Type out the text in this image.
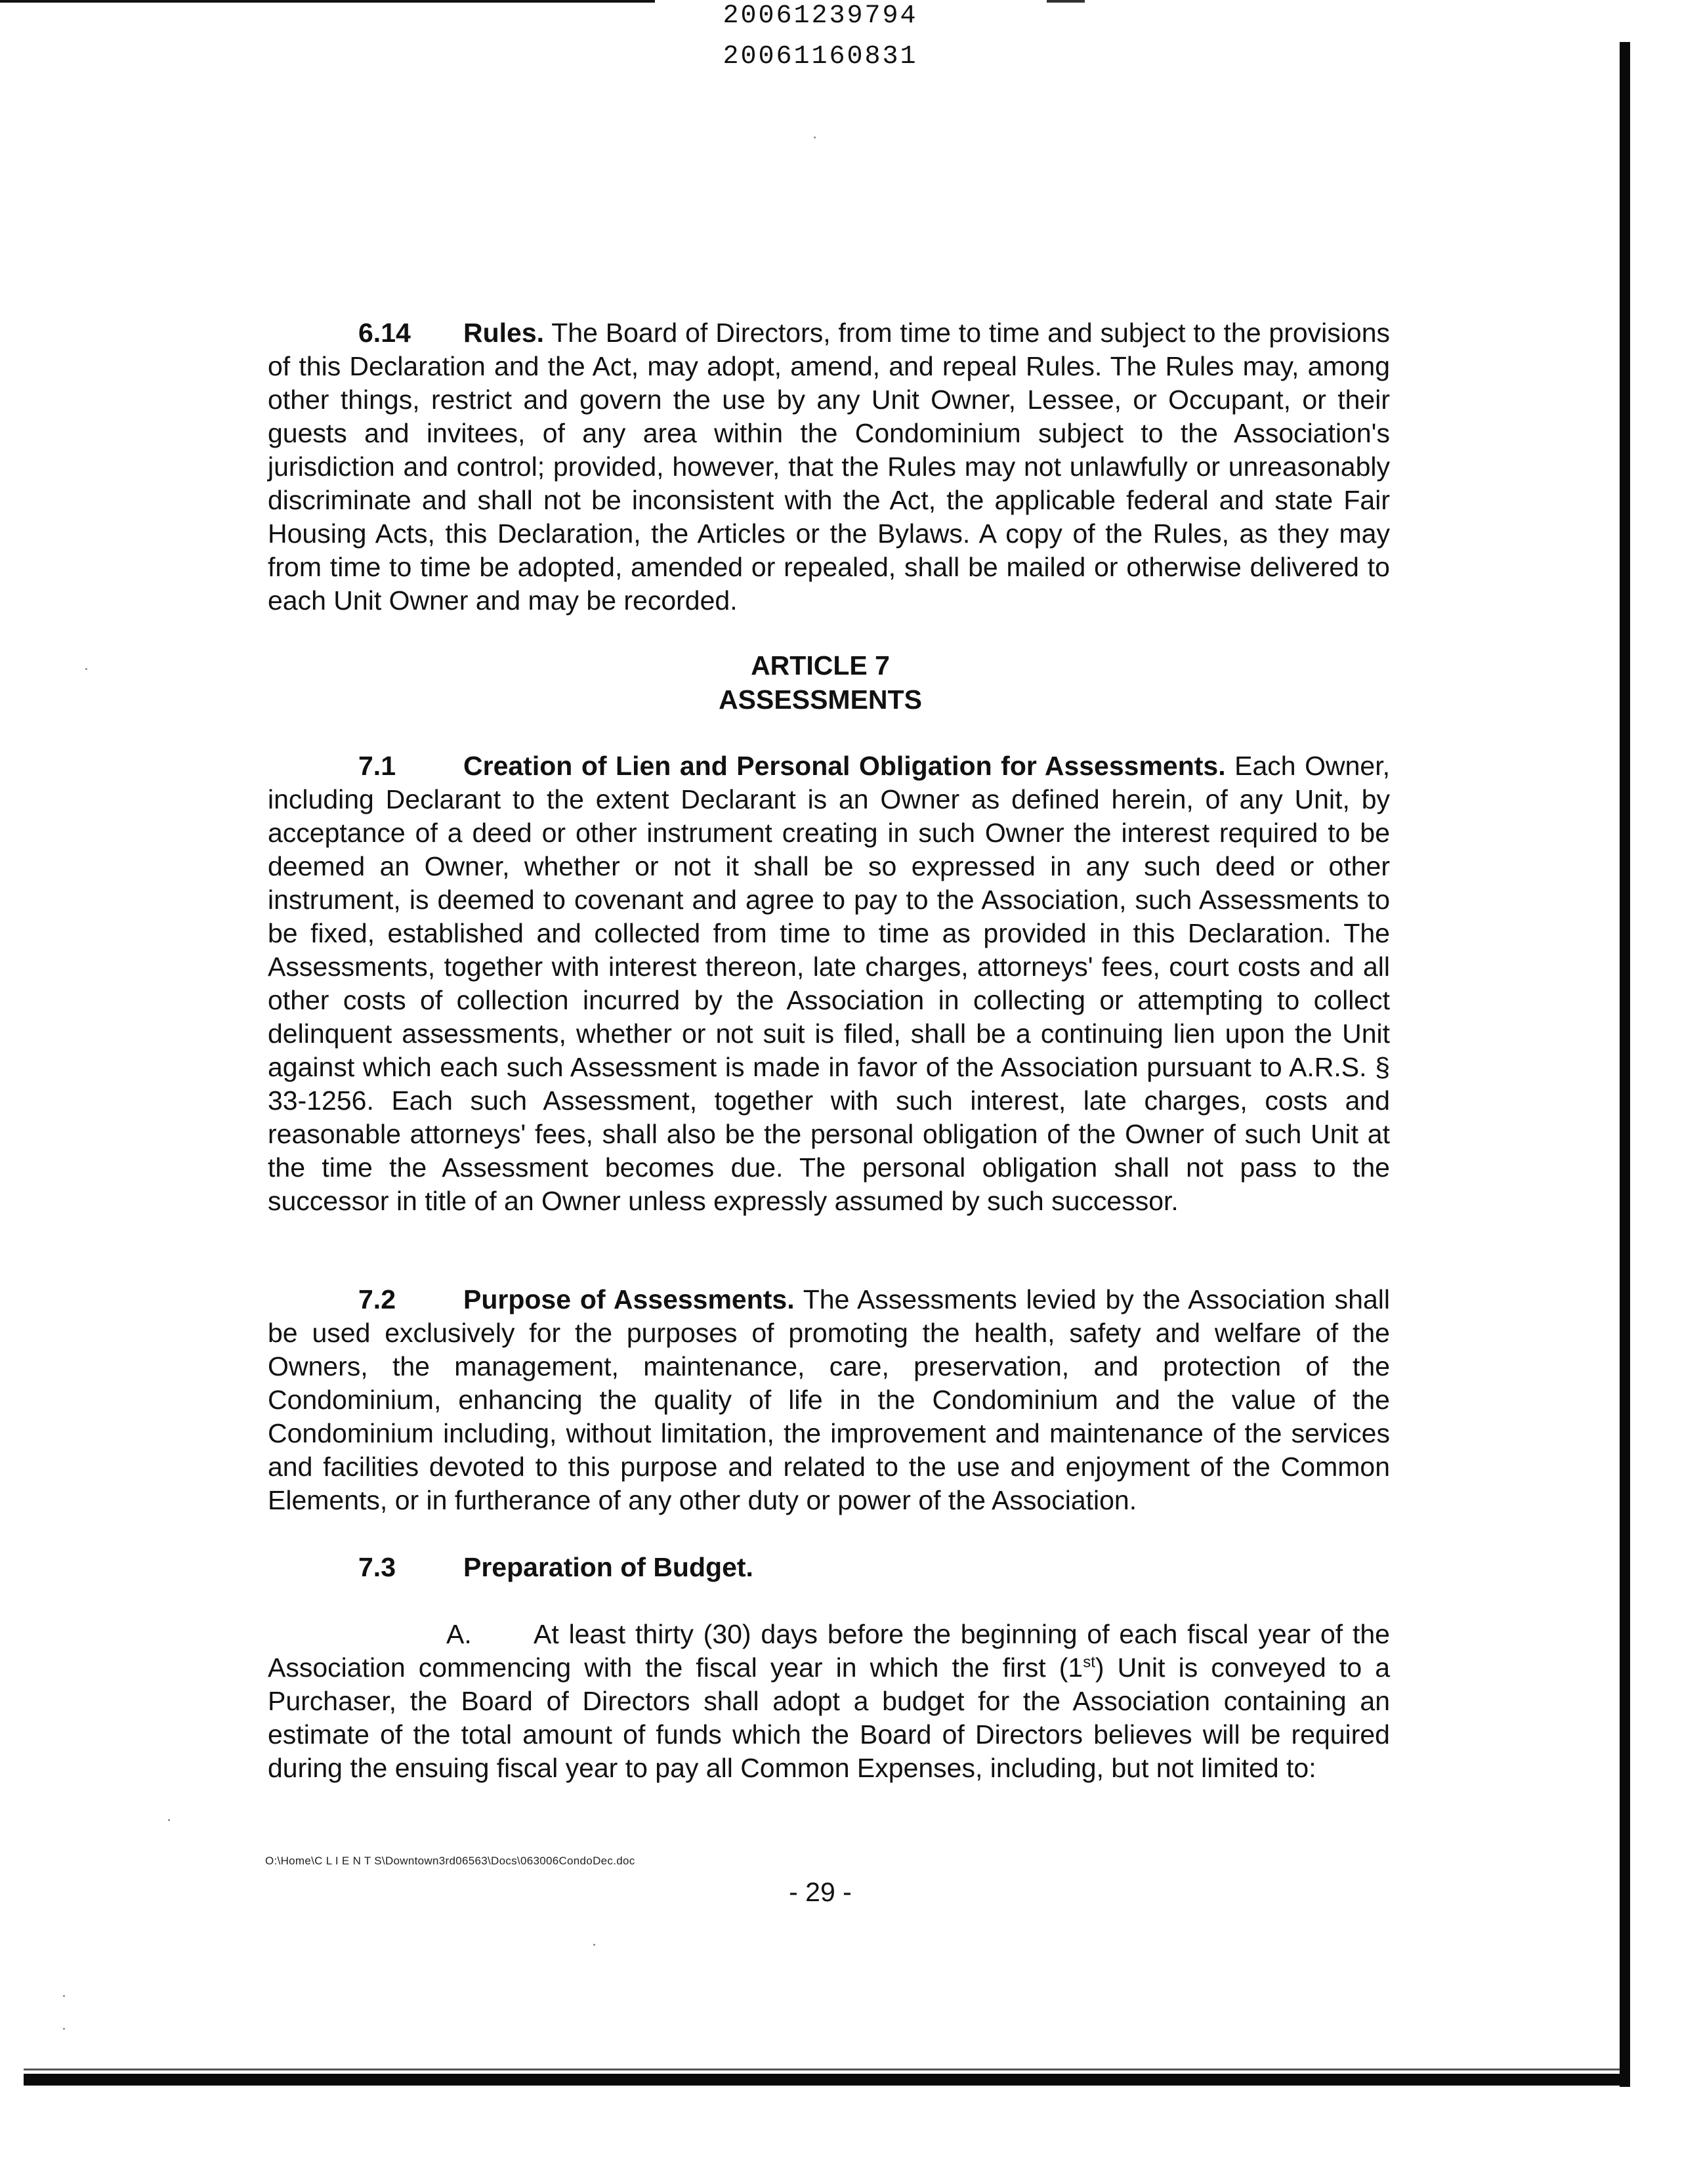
20061239794
20061160831

6.14 Rules. The Board of Directors, from time to time and subject to the provisions of this Declaration and the Act, may adopt, amend, and repeal Rules. The Rules may, among other things, restrict and govern the use by any Unit Owner, Lessee, or Occupant, or their guests and invitees, of any area within the Condominium subject to the Association's jurisdiction and control; provided, however, that the Rules may not unlawfully or unreasonably discriminate and shall not be inconsistent with the Act, the applicable federal and state Fair Housing Acts, this Declaration, the Articles or the Bylaws. A copy of the Rules, as they may from time to time be adopted, amended or repealed, shall be mailed or otherwise delivered to each Unit Owner and may be recorded.

ARTICLE 7
ASSESSMENTS

7.1	Creation of Lien and Personal Obligation for Assessments. Each Owner, including Declarant to the extent Declarant is an Owner as defined herein, of any Unit, by acceptance of a deed or other instrument creating in such Owner the interest required to be deemed an Owner, whether or not it shall be so expressed in any such deed or other instrument, is deemed to covenant and agree to pay to the Association, such Assessments to be fixed, established and collected from time to time as provided in this Declaration. The Assessments, together with interest thereon, late charges, attorneys' fees, court costs and all other costs of collection incurred by the Association in collecting or attempting to collect delinquent assessments, whether or not suit is filed, shall be a continuing lien upon the Unit against which each such Assessment is made in favor of the Association pursuant to A.R.S. § 33-1256. Each such Assessment, together with such interest, late charges, costs and reasonable attorneys' fees, shall also be the personal obligation of the Owner of such Unit at the time the Assessment becomes due. The personal obligation shall not pass to the successor in title of an Owner unless expressly assumed by such successor.

7.2	Purpose of Assessments. The Assessments levied by the Association shall be used exclusively for the purposes of promoting the health, safety and welfare of the Owners, the management, maintenance, care, preservation, and protection of the Condominium, enhancing the quality of life in the Condominium and the value of the Condominium including, without limitation, the improvement and maintenance of the services and facilities devoted to this purpose and related to the use and enjoyment of the Common Elements, or in furtherance of any other duty or power of the Association.

7.3	Preparation of Budget.

A. At least thirty (30) days before the beginning of each fiscal year of the Association commencing with the fiscal year in which the first (1st) Unit is conveyed to a Purchaser, the Board of Directors shall adopt a budget for the Association containing an estimate of the total amount of funds which the Board of Directors believes will be required during the ensuing fiscal year to pay all Common Expenses, including, but not limited to:

O:\Home\C L I E N T S\Downtown3rd06563\Docs\063006CondoDec.doc
- 29 -
